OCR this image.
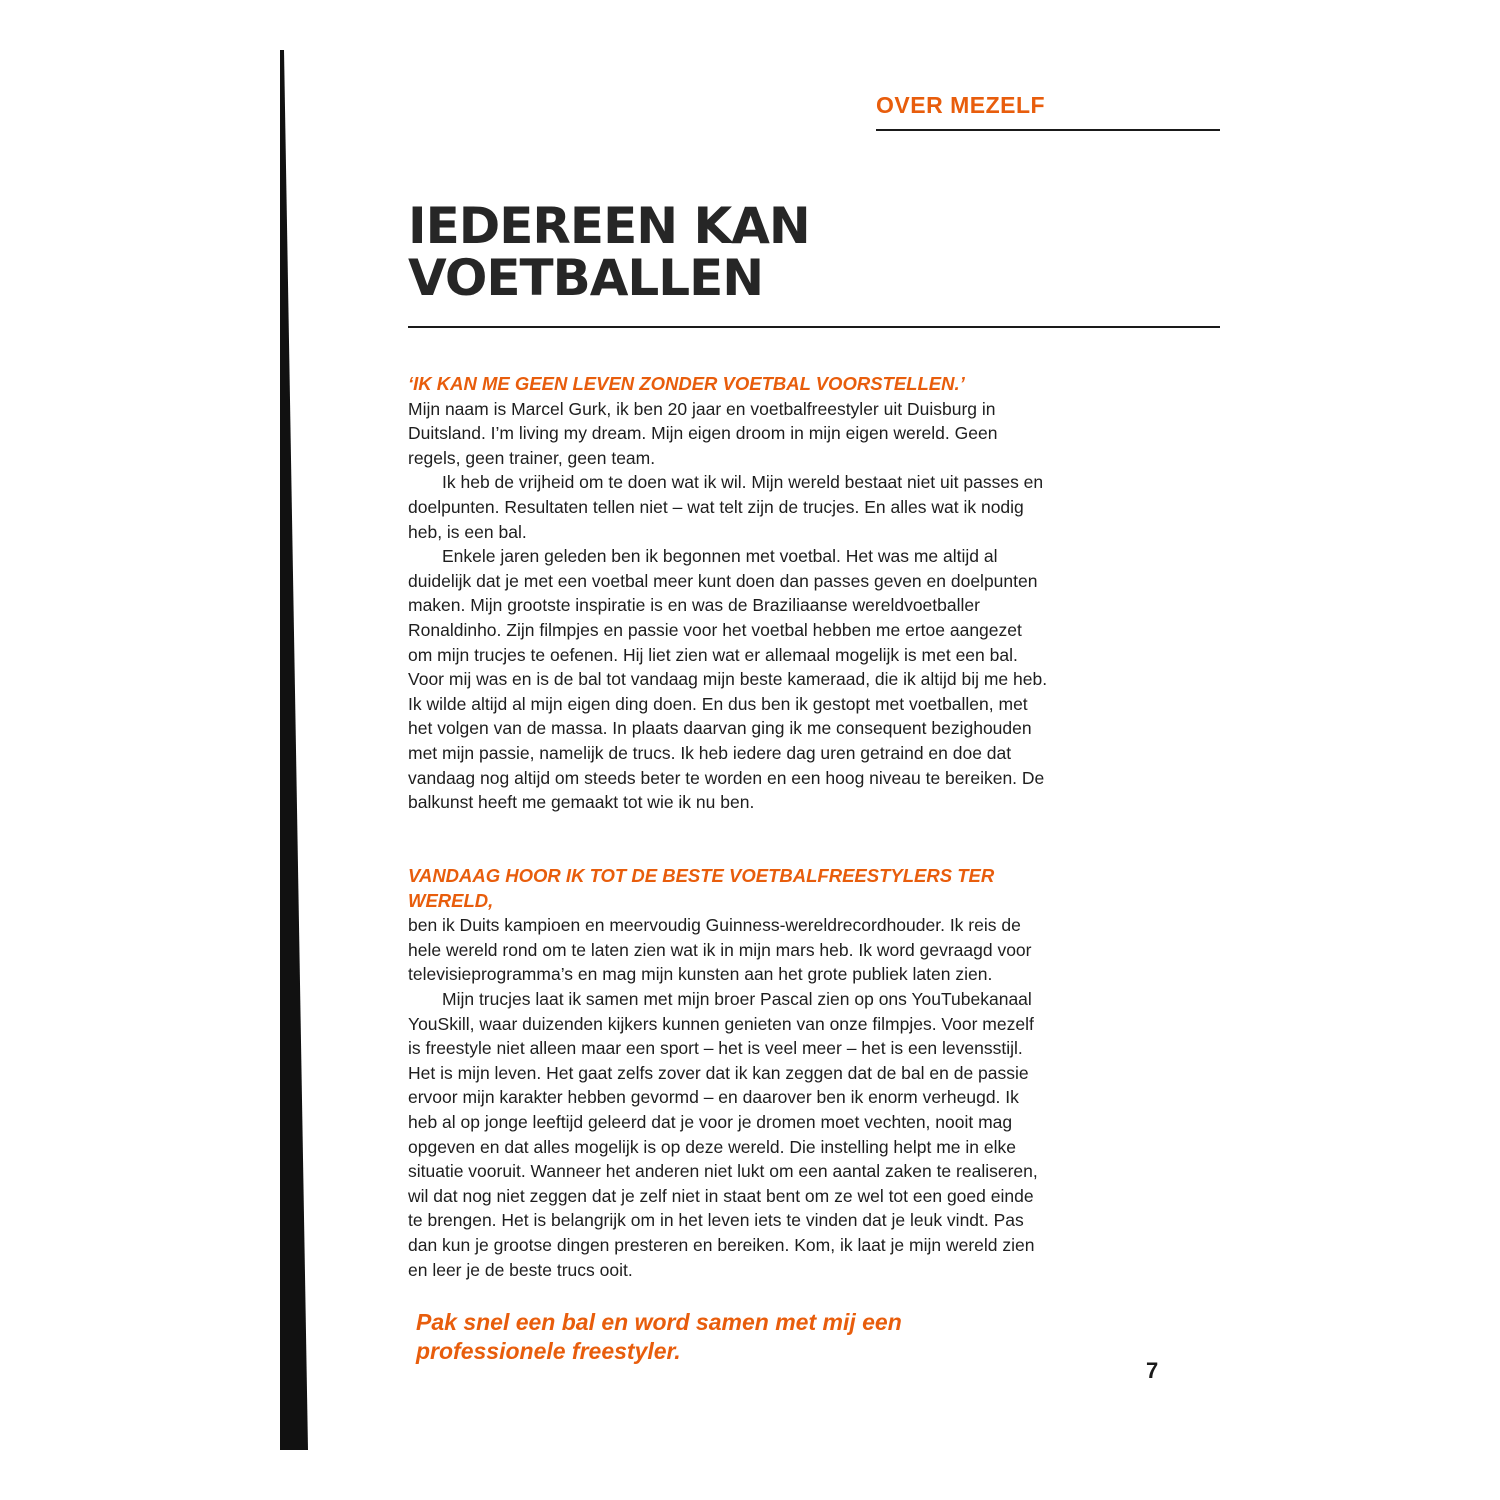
OVER MEZELF
IEDEREEN KAN
VOETBALLEN
‘IK KAN ME GEEN LEVEN ZONDER VOETBAL VOORSTELLEN.’

Mijn naam is Marcel Gurk, ik ben 20 jaar en voetbalfreestyler uit Duisburg in Duitsland. I’m living my dream. Mijn eigen droom in mijn eigen wereld. Geen regels, geen trainer, geen team.

Ik heb de vrijheid om te doen wat ik wil. Mijn wereld bestaat niet uit passes en doelpunten. Resultaten tellen niet – wat telt zijn de trucjes. En alles wat ik nodig heb, is een bal.

Enkele jaren geleden ben ik begonnen met voetbal. Het was me altijd al duidelijk dat je met een voetbal meer kunt doen dan passes geven en doelpunten maken. Mijn grootste inspiratie is en was de Braziliaanse wereldvoetballer Ronaldinho. Zijn filmpjes en passie voor het voetbal hebben me ertoe aangezet om mijn trucjes te oefenen. Hij liet zien wat er allemaal mogelijk is met een bal. Voor mij was en is de bal tot vandaag mijn beste kameraad, die ik altijd bij me heb.

Ik wilde altijd al mijn eigen ding doen. En dus ben ik gestopt met voetballen, met het volgen van de massa. In plaats daarvan ging ik me consequent bezighouden met mijn passie, namelijk de trucs. Ik heb iedere dag uren getraind en doe dat vandaag nog altijd om steeds beter te worden en een hoog niveau te bereiken. De balkunst heeft me gemaakt tot wie ik nu ben.

VANDAAG HOOR IK TOT DE BESTE VOETBALFREESTYLERS TER WERELD,

ben ik Duits kampioen en meervoudig Guinness-wereldrecordhouder. Ik reis de hele wereld rond om te laten zien wat ik in mijn mars heb. Ik word gevraagd voor televisieprogramma’s en mag mijn kunsten aan het grote publiek laten zien.

Mijn trucjes laat ik samen met mijn broer Pascal zien op ons YouTubekanaal YouSkill, waar duizenden kijkers kunnen genieten van onze filmpjes. Voor mezelf is freestyle niet alleen maar een sport – het is veel meer – het is een levensstijl. Het is mijn leven. Het gaat zelfs zover dat ik kan zeggen dat de bal en de passie ervoor mijn karakter hebben gevormd – en daarover ben ik enorm verheugd. Ik heb al op jonge leeftijd geleerd dat je voor je dromen moet vechten, nooit mag opgeven en dat alles mogelijk is op deze wereld. Die instelling helpt me in elke situatie vooruit. Wanneer het anderen niet lukt om een aantal zaken te realiseren, wil dat nog niet zeggen dat je zelf niet in staat bent om ze wel tot een goed einde te brengen. Het is belangrijk om in het leven iets te vinden dat je leuk vindt. Pas dan kun je grootse dingen presteren en bereiken. Kom, ik laat je mijn wereld zien en leer je de beste trucs ooit.

Pak snel een bal en word samen met mij een professionele freestyler.
7
